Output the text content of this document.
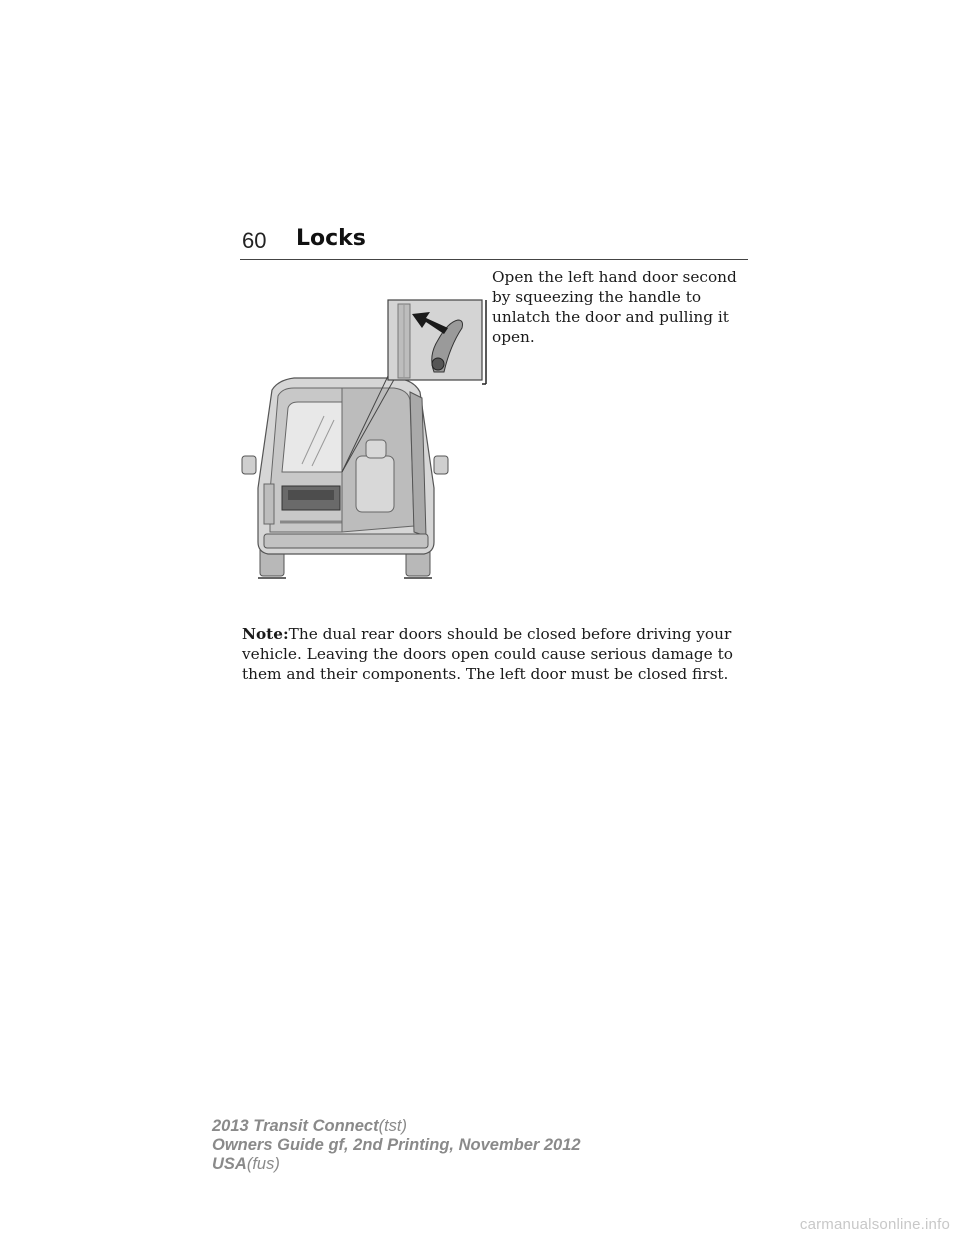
60 Locks
Open the left hand door second by squeezing the handle to unlatch the door and pulling it open.
Note:The dual rear doors should be closed before driving your vehicle. Leaving the doors open could cause serious damage to them and their components. The left door must be closed first.
2013 Transit Connect(tst)
Owners Guide gf, 2nd Printing, November 2012
USA(fus)
carmanualsonline.info
